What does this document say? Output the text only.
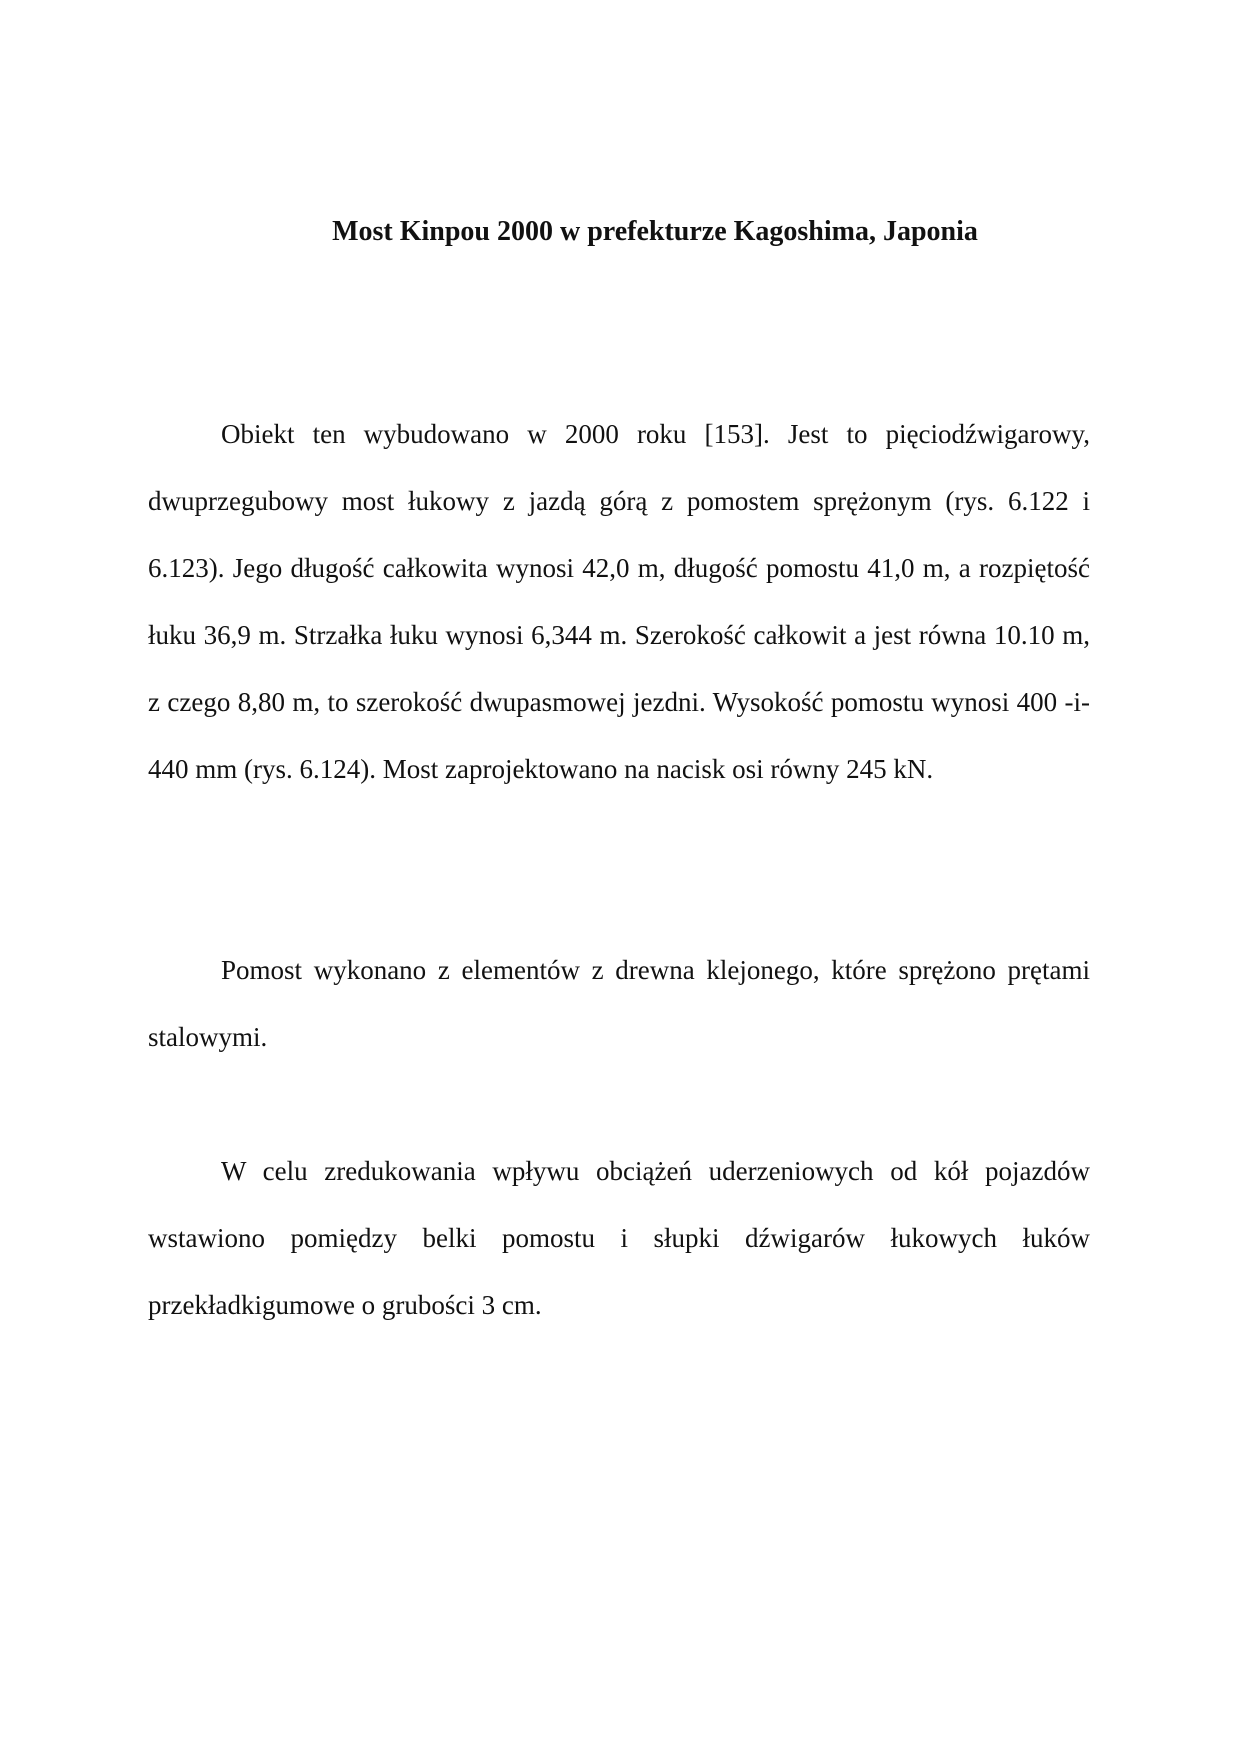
Most Kinpou 2000 w prefekturze Kagoshima, Japonia

Obiekt ten wybudowano w 2000 roku [153]. Jest to pięciodźwigarowy, dwuprzegubowy most łukowy z jazdą górą z pomostem sprężonym (rys. 6.122 i 6.123). Jego długość całkowita wynosi 42,0 m, długość pomostu 41,0 m, a rozpiętość łuku 36,9 m. Strzałka łuku wynosi 6,344 m. Szerokość całkowit a jest równa 10.10 m, z czego 8,80 m, to szerokość dwupasmowej jezdni. Wysokość pomostu wynosi 400 -i- 440 mm (rys. 6.124). Most zaprojektowano na nacisk osi równy 245 kN.

Pomost wykonano z elementów z drewna klejonego, które sprężono prętami stalowymi.

W celu zredukowania wpływu obciążeń uderzeniowych od kół pojazdów wstawiono pomiędzy belki pomostu i słupki dźwigarów łukowych łuków przekładkigumowe o grubości 3 cm.
